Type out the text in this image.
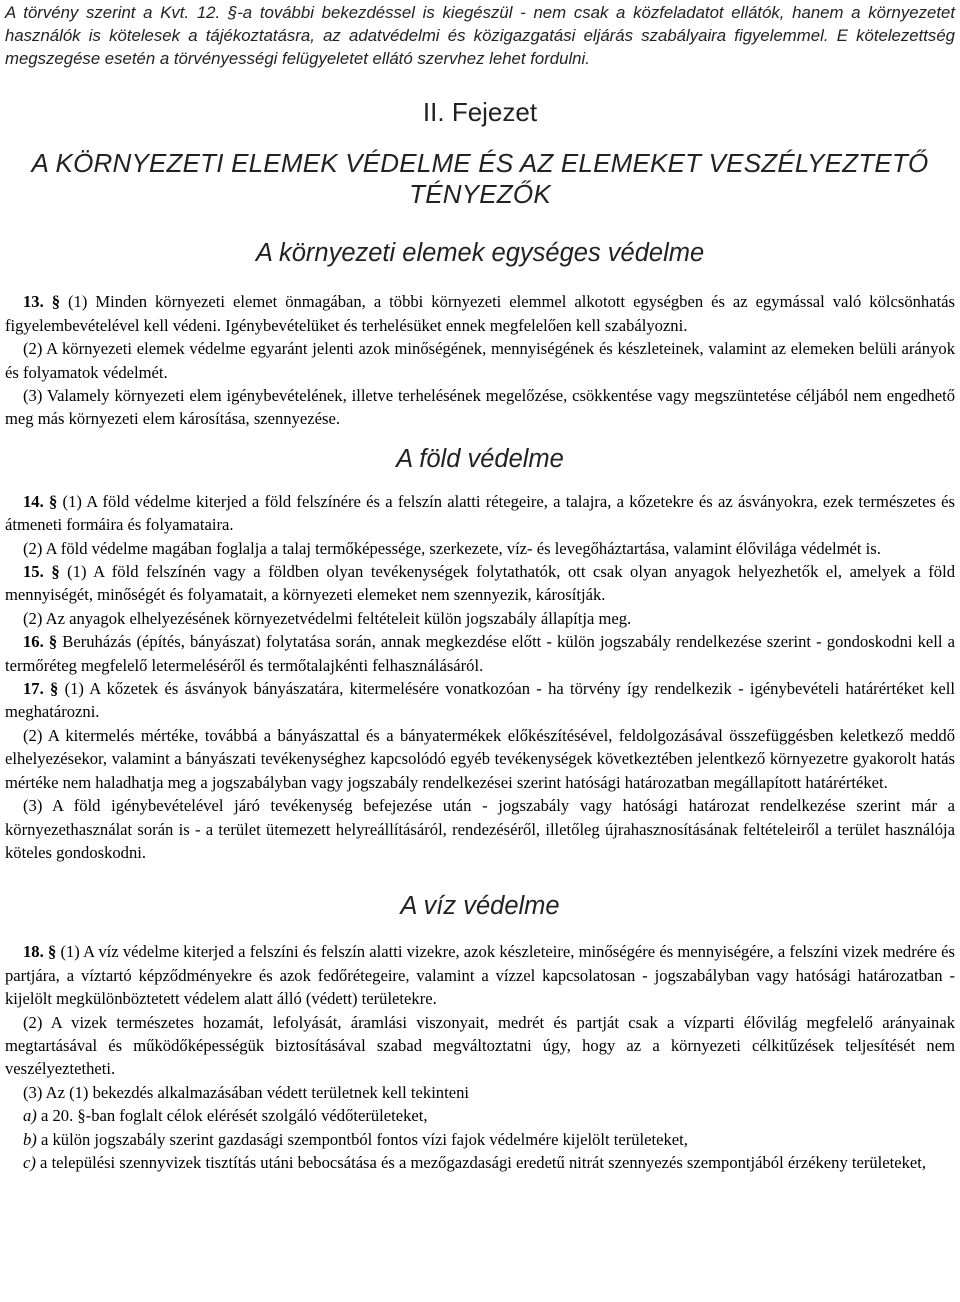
A törvény szerint a Kvt. 12. §-a további bekezdéssel is kiegészül - nem csak a közfeladatot ellátók, hanem a környezetet használók is kötelesek a tájékoztatásra, az adatvédelmi és közigazgatási eljárás szabályaira figyelemmel. E kötelezettség megszegése esetén a törvényességi felügyeletet ellátó szervhez lehet fordulni.

II. Fejezet
A KÖRNYEZETI ELEMEK VÉDELME ÉS AZ ELEMEKET VESZÉLYEZTETŐ TÉNYEZŐK
A környezeti elemek egységes védelme

13. § (1) Minden környezeti elemet önmagában, a többi környezeti elemmel alkotott egységben és az egymással való kölcsönhatás figyelembevételével kell védeni. Igénybevételüket és terhelésüket ennek megfelelően kell szabályozni.

(2) A környezeti elemek védelme egyaránt jelenti azok minőségének, mennyiségének és készleteinek, valamint az elemeken belüli arányok és folyamatok védelmét.

(3) Valamely környezeti elem igénybevételének, illetve terhelésének megelőzése, csökkentése vagy megszüntetése céljából nem engedhető meg más környezeti elem károsítása, szennyezése.

A föld védelme

14. § (1) A föld védelme kiterjed a föld felszínére és a felszín alatti rétegeire, a talajra, a kőzetekre és az ásványokra, ezek természetes és átmeneti formáira és folyamataira.

(2) A föld védelme magában foglalja a talaj termőképessége, szerkezete, víz- és levegőháztartása, valamint élővilága védelmét is.

15. § (1) A föld felszínén vagy a földben olyan tevékenységek folytathatók, ott csak olyan anyagok helyezhetők el, amelyek a föld mennyiségét, minőségét és folyamatait, a környezeti elemeket nem szennyezik, károsítják.

(2) Az anyagok elhelyezésének környezetvédelmi feltételeit külön jogszabály állapítja meg.

16. § Beruházás (építés, bányászat) folytatása során, annak megkezdése előtt - külön jogszabály rendelkezése szerint - gondoskodni kell a termőréteg megfelelő letermeléséről és termőtalajkénti felhasználásáról.

17. § (1) A kőzetek és ásványok bányászatára, kitermelésére vonatkozóan - ha törvény így rendelkezik - igénybevételi határértéket kell meghatározni.

(2) A kitermelés mértéke, továbbá a bányászattal és a bányatermékek előkészítésével, feldolgozásával összefüggésben keletkező meddő elhelyezésekor, valamint a bányászati tevékenységhez kapcsolódó egyéb tevékenységek következtében jelentkező környezetre gyakorolt hatás mértéke nem haladhatja meg a jogszabályban vagy jogszabály rendelkezései szerint hatósági határozatban megállapított határértéket.

(3) A föld igénybevételével járó tevékenység befejezése után - jogszabály vagy hatósági határozat rendelkezése szerint már a környezethasználat során is - a terület ütemezett helyreállításáról, rendezéséről, illetőleg újrahasznosításának feltételeiről a terület használója köteles gondoskodni.

A víz védelme

18. § (1) A víz védelme kiterjed a felszíni és felszín alatti vizekre, azok készleteire, minőségére és mennyiségére, a felszíni vizek medrére és partjára, a víztartó képződményekre és azok fedőrétegeire, valamint a vízzel kapcsolatosan - jogszabályban vagy hatósági határozatban - kijelölt megkülönböztetett védelem alatt álló (védett) területekre.

(2) A vizek természetes hozamát, lefolyását, áramlási viszonyait, medrét és partját csak a vízparti élővilág megfelelő arányainak megtartásával és működőképességük biztosításával szabad megváltoztatni úgy, hogy az a környezeti célkitűzések teljesítését nem veszélyeztetheti.

(3) Az (1) bekezdés alkalmazásában védett területnek kell tekinteni

a) a 20. §-ban foglalt célok elérését szolgáló védőterületeket,

b) a külön jogszabály szerint gazdasági szempontból fontos vízi fajok védelmére kijelölt területeket,

c) a települési szennyvizek tisztítás utáni bebocsátása és a mezőgazdasági eredetű nitrát szennyezés szempontjából érzékeny területeket,
